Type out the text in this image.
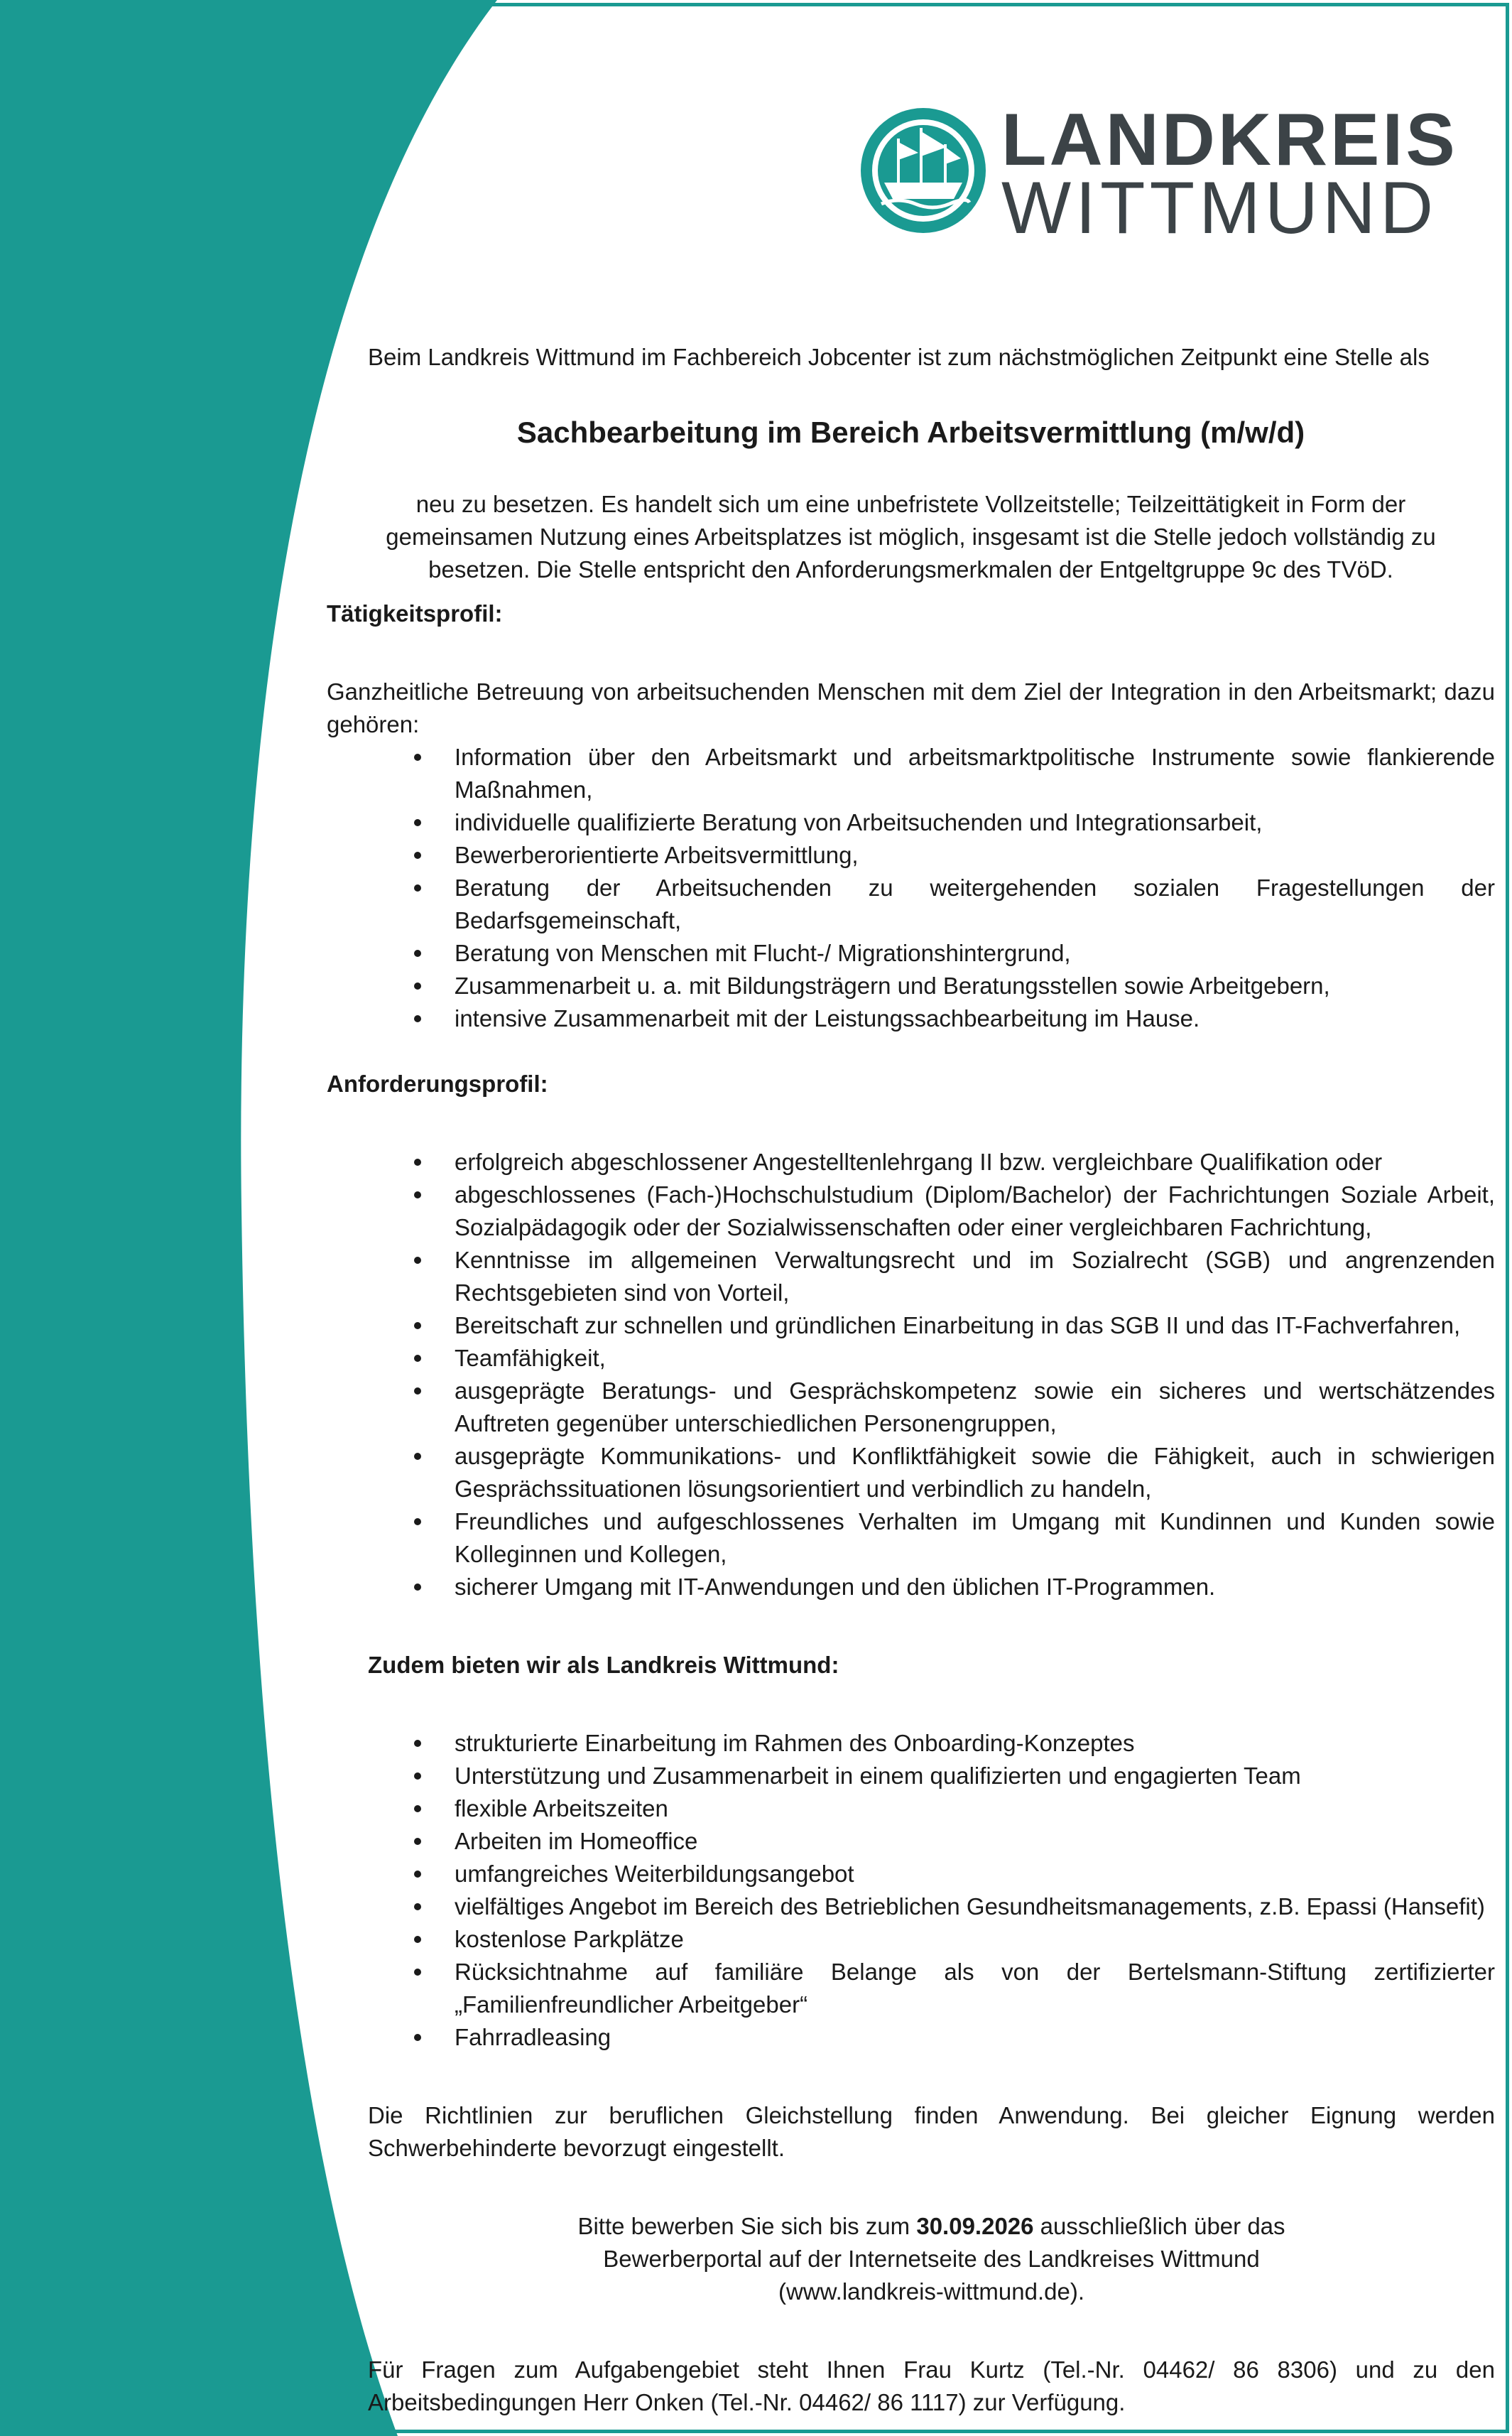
LANDKREIS
WITTMUND

Beim Landkreis Wittmund im Fachbereich Jobcenter ist zum nächstmöglichen Zeitpunkt eine Stelle als

Sachbearbeitung im Bereich Arbeitsvermittlung (m/w/d)

neu zu besetzen. Es handelt sich um eine unbefristete Vollzeitstelle; Teilzeittätigkeit in Form der gemeinsamen Nutzung eines Arbeitsplatzes ist möglich, insgesamt ist die Stelle jedoch vollständig zu besetzen. Die Stelle entspricht den Anforderungsmerkmalen der Entgeltgruppe 9c des TVöD.

Tätigkeitsprofil:

Ganzheitliche Betreuung von arbeitsuchenden Menschen mit dem Ziel der Integration in den Arbeitsmarkt; dazu gehören:

Information über den Arbeitsmarkt und arbeitsmarktpolitische Instrumente sowie flankierende Maßnahmen,
individuelle qualifizierte Beratung von Arbeitsuchenden und Integrationsarbeit,
Bewerberorientierte Arbeitsvermittlung,
Beratung der Arbeitsuchenden zu weitergehenden sozialen Fragestellungen der Bedarfsgemeinschaft,
Beratung von Menschen mit Flucht-/ Migrationshintergrund,
Zusammenarbeit u. a. mit Bildungsträgern und Beratungsstellen sowie Arbeitgebern,
intensive Zusammenarbeit mit der Leistungssachbearbeitung im Hause.

Anforderungsprofil:

erfolgreich abgeschlossener Angestelltenlehrgang II bzw. vergleichbare Qualifikation oder
abgeschlossenes (Fach-)Hochschulstudium (Diplom/Bachelor) der Fachrichtungen Soziale Arbeit, Sozialpädagogik oder der Sozialwissenschaften oder einer vergleichbaren Fachrichtung,
Kenntnisse im allgemeinen Verwaltungsrecht und im Sozialrecht (SGB) und angrenzenden Rechtsgebieten sind von Vorteil,
Bereitschaft zur schnellen und gründlichen Einarbeitung in das SGB II und das IT-Fachverfahren,
Teamfähigkeit,
ausgeprägte Beratungs- und Gesprächskompetenz sowie ein sicheres und wertschätzendes Auftreten gegenüber unterschiedlichen Personengruppen,
ausgeprägte Kommunikations- und Konfliktfähigkeit sowie die Fähigkeit, auch in schwierigen Gesprächssituationen lösungsorientiert und verbindlich zu handeln,
Freundliches und aufgeschlossenes Verhalten im Umgang mit Kundinnen und Kunden sowie Kolleginnen und Kollegen,
sicherer Umgang mit IT-Anwendungen und den üblichen IT-Programmen.

Zudem bieten wir als Landkreis Wittmund:

strukturierte Einarbeitung im Rahmen des Onboarding-Konzeptes
Unterstützung und Zusammenarbeit in einem qualifizierten und engagierten Team
flexible Arbeitszeiten
Arbeiten im Homeoffice
umfangreiches Weiterbildungsangebot
vielfältiges Angebot im Bereich des Betrieblichen Gesundheitsmanagements, z.B. Epassi (Hansefit)
kostenlose Parkplätze
Rücksichtnahme auf familiäre Belange als von der Bertelsmann-Stiftung zertifizierter „Familienfreundlicher Arbeitgeber“
Fahrradleasing

Die Richtlinien zur beruflichen Gleichstellung finden Anwendung. Bei gleicher Eignung werden Schwerbehinderte bevorzugt eingestellt.

Bitte bewerben Sie sich bis zum 30.09.2026 ausschließlich über das
Bewerberportal auf der Internetseite des Landkreises Wittmund
(www.landkreis-wittmund.de).

Für Fragen zum Aufgabengebiet steht Ihnen Frau Kurtz (Tel.-Nr. 04462/ 86 8306) und zu den Arbeitsbedingungen Herr Onken (Tel.-Nr. 04462/ 86 1117) zur Verfügung.
